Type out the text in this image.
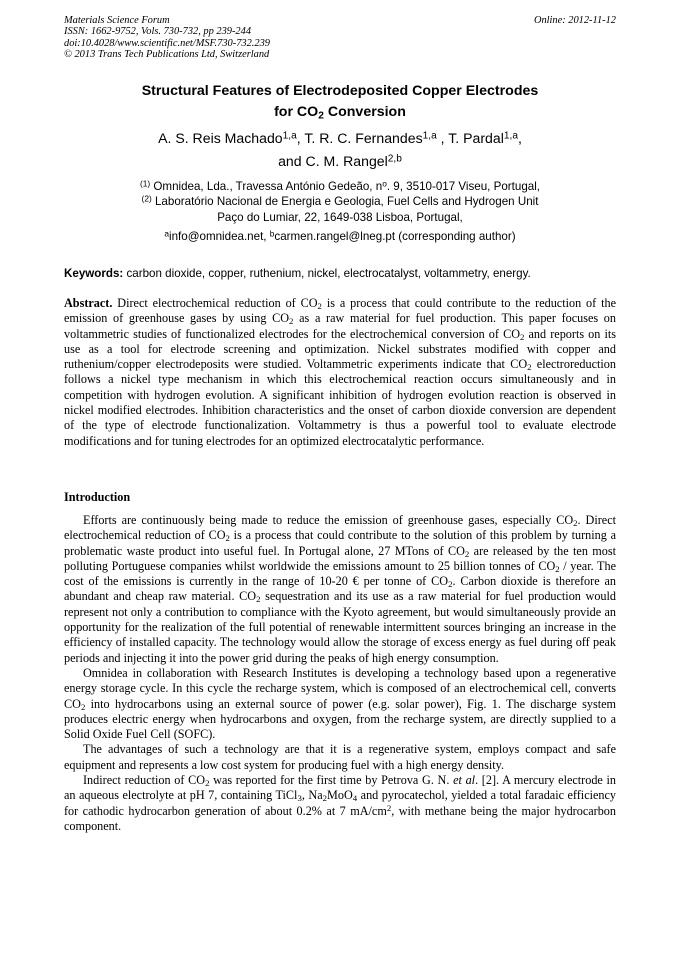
Materials Science Forum	Online: 2012-11-12
ISSN: 1662-9752, Vols. 730-732, pp 239-244
doi:10.4028/www.scientific.net/MSF.730-732.239
© 2013 Trans Tech Publications Ltd, Switzerland
Structural Features of Electrodeposited Copper Electrodes
for $CO_2$ Conversion
A. S. Reis Machado$^{1,a}$, T. R. C. Fernandes$^{1,a}$ , T. Pardal$^{1,a}$,
and C. M. Rangel$^{2,b}$
$^{(1)}$ Omnidea, Lda., Travessa António Gedeão, $n^o$. 9, 3510-017 Viseu, Portugal,
$^{(2)}$ Laboratório Nacional de Energia e Geologia, Fuel Cells and Hydrogen Unit
Paço do Lumiar, 22, 1649-038 Lisboa, Portugal,
$^a$info@omnidea.net, $^b$carmen.rangel@lneg.pt (corresponding author)
Keywords: carbon dioxide, copper, ruthenium, nickel, electrocatalyst, voltammetry, energy.
Abstract. Direct electrochemical reduction of $CO_2$ is a process that could contribute to the reduction of the emission of greenhouse gases by using $CO_2$ as a raw material for fuel production. This paper focuses on voltammetric studies of functionalized electrodes for the electrochemical conversion of $CO_2$ and reports on its use as a tool for electrode screening and optimization. Nickel substrates modified with copper and ruthenium/copper electrodeposits were studied. Voltammetric experiments indicate that $CO_2$ electroreduction follows a nickel type mechanism in which this electrochemical reaction occurs simultaneously and in competition with hydrogen evolution. A significant inhibition of hydrogen evolution reaction is observed in nickel modified electrodes. Inhibition characteristics and the onset of carbon dioxide conversion are dependent of the type of electrode functionalization. Voltammetry is thus a powerful tool to evaluate electrode modifications and for tuning electrodes for an optimized electrocatalytic performance.
Introduction

Efforts are continuously being made to reduce the emission of greenhouse gases, especially $CO_2$. Direct electrochemical reduction of $CO_2$ is a process that could contribute to the solution of this problem by turning a problematic waste product into useful fuel. In Portugal alone, 27 MTons of $CO_2$ are released by the ten most polluting Portuguese companies whilst worldwide the emissions amount to 25 billion tonnes of $CO_2$ / year. The cost of the emissions is currently in the range of 10-20 € per tonne of $CO_2$. Carbon dioxide is therefore an abundant and cheap raw material. $CO_2$ sequestration and its use as a raw material for fuel production would represent not only a contribution to compliance with the Kyoto agreement, but would simultaneously provide an opportunity for the realization of the full potential of renewable intermittent sources bringing an increase in the efficiency of installed capacity. The technology would allow the storage of excess energy as fuel during off peak periods and injecting it into the power grid during the peaks of high energy consumption.

Omnidea in collaboration with Research Institutes is developing a technology based upon a regenerative energy storage cycle. In this cycle the recharge system, which is composed of an electrochemical cell, converts $CO_2$ into hydrocarbons using an external source of power (e.g. solar power), Fig. 1. The discharge system produces electric energy when hydrocarbons and oxygen, from the recharge system, are directly supplied to a Solid Oxide Fuel Cell (SOFC).

The advantages of such a technology are that it is a regenerative system, employs compact and safe equipment and represents a low cost system for producing fuel with a high energy density.

Indirect reduction of $CO_2$ was reported for the first time by Petrova G. N. et al. [2]. A mercury electrode in an aqueous electrolyte at pH 7, containing TiCl$_3$, $Na_2MoO_4$ and pyrocatechol, yielded a total faradaic efficiency for cathodic hydrocarbon generation of about 0.2% at 7 $mA/cm^2$, with methane being the major hydrocarbon component.
